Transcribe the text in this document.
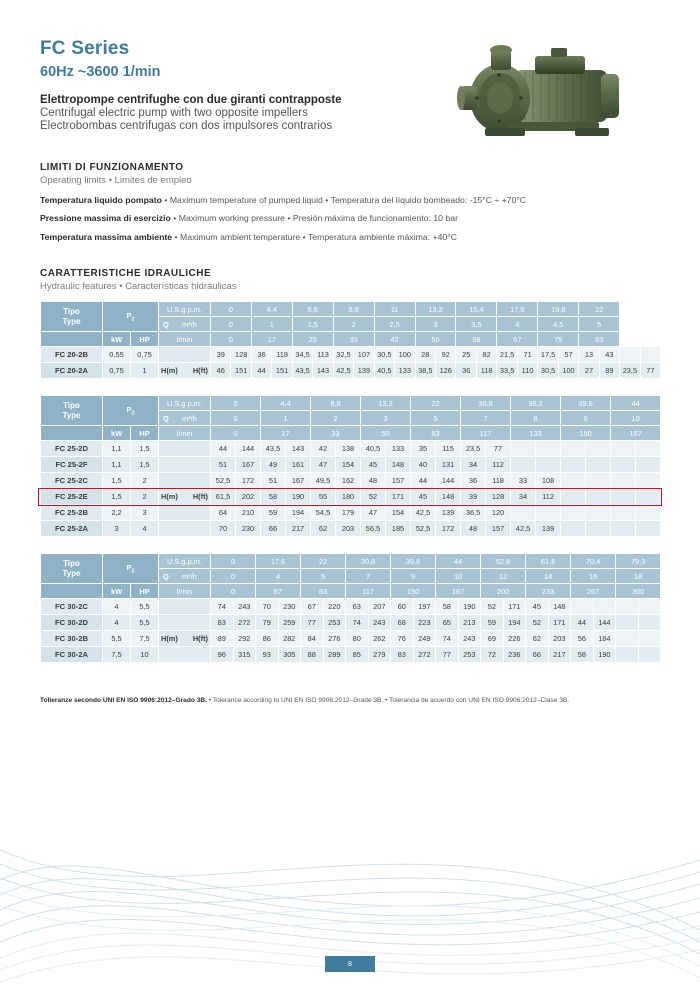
FC Series
60Hz ~3600 1/min
Elettropompe centrifughe con due giranti contrapposte
Centrifugal electric pump with two opposite impellers
Electrobombas centrifugas con dos impulsores contrarios
LIMITI DI FUNZIONAMENTO
Operating limits • Limites de empleo
Temperatura liquido pompato • Maximum temperature of pumped liquid • Temperatura del líquido bombeado: -15°C ÷ +70°C
Pressione massima di esercizio • Maximum working pressure • Presión máxima de funcionamiento: 10 bar
Temperatura massima ambiente • Maximum ambient temperature • Temperatura ambiente máxima: +40°C
CARATTERISTICHE IDRAULICHE
Hydraulic features • Características hidráulicas
Tipo
Type	$P_2$		U.S.g.p.m.	0		4,4		6,6		8,8		11		13,2		15,4		17,6		19,8		22			

			Q m³/h	0		1		1,5		2		2,5		3		3,5		4		4,5		5			
	kW	HP	l/min	0		17		25		33		42		50		58		67		75		83			
FC 20-2B	0,55	0,75		39	128	36	118	34,5	113	32,5	107	30,5	100	28	92	25	82	21,5	71	17,5	57	13	43		
FC 20-2A	0,75	1	H(m) H(ft)	46	151	44	151	43,5	143	42,5	139	40,5	133	38,5	126	36	118	33,5	110	30,5	100	27	89	23,5	77
Tipo
Type	$P_2$		U.S.g.p.m.	0		4,4		8,8		13,2		22		30,8		35,2		39,6		44	

			Q m³/h	0		1		2		3		5		7		8		9		10	
	kW	HP	l/min	0		17		33		50		83		117		133		150		167	
FC 25-2D	1,1	1,5		44	144	43,5	143	42	138	40,5	133	35	115	23,5	77						
FC 25-2F	1,1	1,5		51	167	49	161	47	154	45	148	40	131	34	112						
FC 25-2C	1,5	2		52,5	172	51	167	49,5	162	48	157	44	144	36	118	33	108				
FC 25-2E	1,5	2	H(m) H(ft)	61,5	202	58	190	55	180	52	171	45	148	39	128	34	112				
FC 25-2B	2,2	3		64	210	59	194	54,5	179	47	154	42,5	139	36,5	120						
FC 25-2A	3	4		70	230	66	217	62	203	56,5	185	52,5	172	48	157	42,5	139				
Tipo
Type	$P_2$		U.S.g.p.m.	0		17,6		22		30,8		39,6		44		52,8		61,6		70,4		79,3	

			Q m³/h	0		4		5		7		9		10		12		14		16		18	
	kW	HP	l/min	0		67		83		117		150		167		200		233		267		300	
FC 30-2C	4	5,5		74	243	70	230	67	220	63	207	60	197	58	190	52	171	45	148				
FC 30-2D	4	5,5		83	272	79	259	77	253	74	243	68	223	65	213	59	194	52	171	44	144		
FC 30-2B	5,5	7,5	H(m) H(ft)	89	292	86	282	84	276	80	262	76	249	74	243	69	226	62	203	56	184		
FC 30-2A	7,5	10		96	315	93	305	88	289	85	279	83	272	77	253	72	236	66	217	58	190		
Tolleranze secondo UNI EN ISO 9906:2012–Grado 3B. • Tolerance according to UNI EN ISO 9906:2012–Grade 3B. • Tolerancia de acuerdo con UNI EN ISO 9906:2012–Clase 3B.
8
